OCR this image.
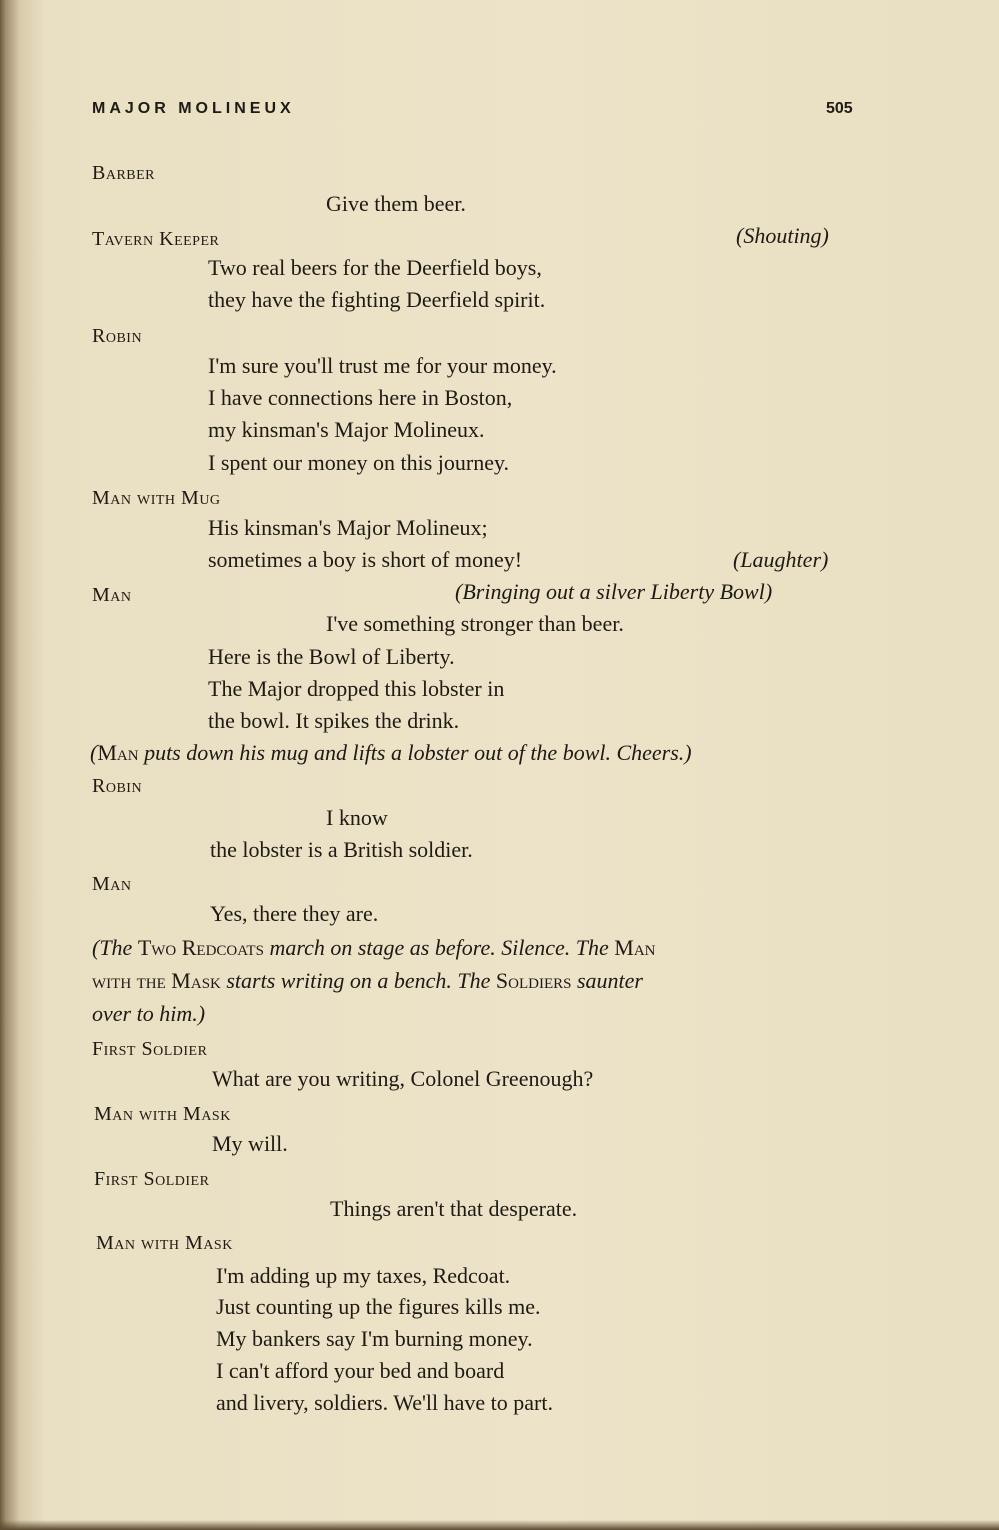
MAJOR MOLINEUX	505
Barber
Give them beer.
Tavern Keeper	(Shouting)
Two real beers for the Deerfield boys,
they have the fighting Deerfield spirit.
Robin
I'm sure you'll trust me for your money.
I have connections here in Boston,
my kinsman's Major Molineux.
I spent our money on this journey.
Man with Mug
His kinsman's Major Molineux;
sometimes a boy is short of money!	(Laughter)
Man	(Bringing out a silver Liberty Bowl)
I've something stronger than beer.
Here is the Bowl of Liberty.
The Major dropped this lobster in
the bowl. It spikes the drink.
(Man puts down his mug and lifts a lobster out of the bowl. Cheers.)
Robin
I know
the lobster is a British soldier.
Man
Yes, there they are.
(The Two Redcoats march on stage as before. Silence. The Man
with the Mask starts writing on a bench. The Soldiers saunter
over to him.)
First Soldier
What are you writing, Colonel Greenough?
Man with Mask
My will.
First Soldier
Things aren't that desperate.
Man with Mask
I'm adding up my taxes, Redcoat.
Just counting up the figures kills me.
My bankers say I'm burning money.
I can't afford your bed and board
and livery, soldiers. We'll have to part.
